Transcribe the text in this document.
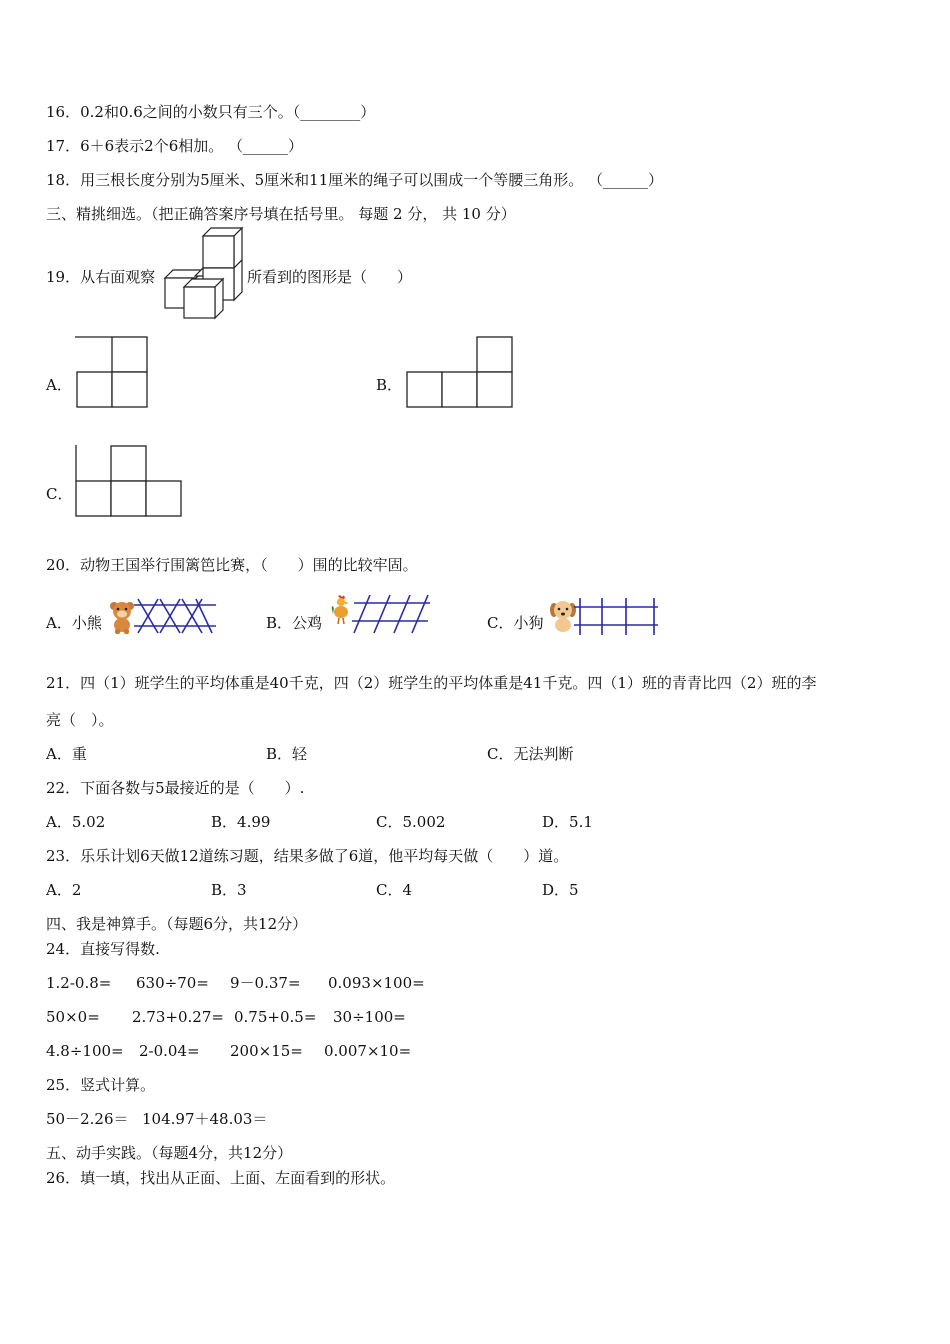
16．0.2和0.6之间的小数只有三个。（________）
17．6＋6表示2个6相加。 （______）
18．用三根长度分别为5厘米、5厘米和11厘米的绳子可以围成一个等腰三角形。 （______）
三、精挑细选。（把正确答案序号填在括号里。 每题 2 分， 共 10 分）
19．从右面观察	所看到的图形是（　　）
A．	B．
C．
20．动物王国举行围篱笆比赛，（　　）围的比较牢固。
A．小熊	B．公鸡	C．小狗
21．四（1）班学生的平均体重是40千克，四（2）班学生的平均体重是41千克。四（1）班的青青比四（2）班的李
亮（　）。
A．重	B．轻	C．无法判断
22．下面各数与5最接近的是（　　）.
A．5.02	B．4.99	C．5.002	D．5.1
23．乐乐计划6天做12道练习题，结果多做了6道，他平均每天做（　　）道。
A．2	B．3	C．4	D．5
四、我是神算手。（每题6分，共12分）
24．直接写得数.
1.2-0.8= 630÷70= 9－0.37= 0.093×100=
50×0= 2.73+0.27= 0.75+0.5= 30÷100=
4.8÷100= 2-0.04= 200×15= 0.007×10=
25．竖式计算。
50－2.26＝ 104.97＋48.03＝
五、动手实践。（每题4分，共12分）
26．填一填，找出从正面、上面、左面看到的形状。
